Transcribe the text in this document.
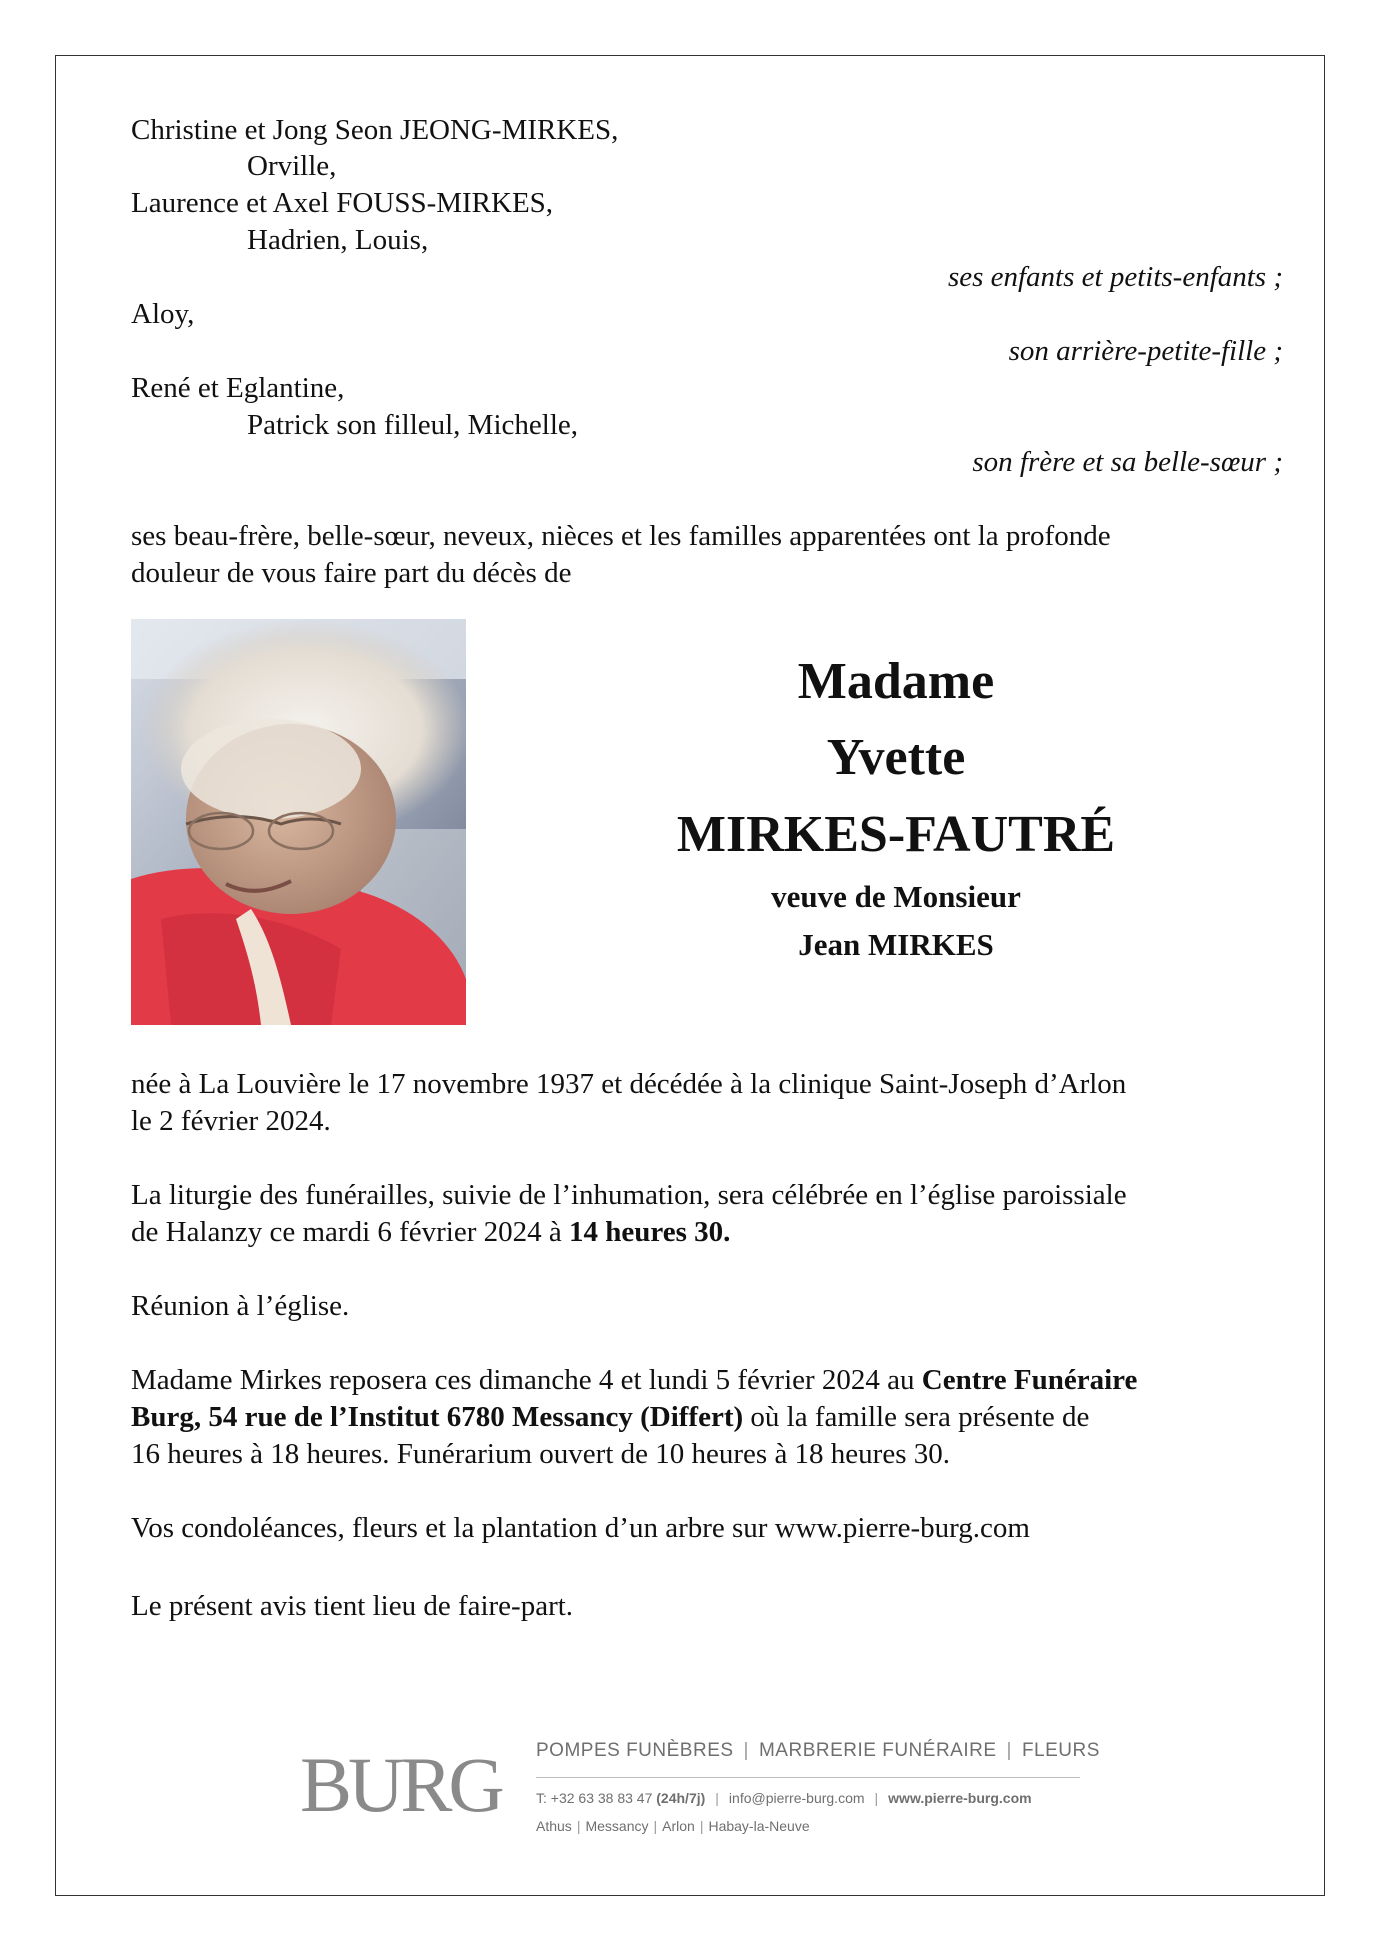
Christine et Jong Seon JEONG-MIRKES,
Orville,
Laurence et Axel FOUSS-MIRKES,
Hadrien, Louis,
ses enfants et petits-enfants ;
Aloy,
son arrière-petite-fille ;
René et Eglantine,
Patrick son filleul, Michelle,
son frère et sa belle-sœur ;
ses beau-frère, belle-sœur, neveux, nièces et les familles apparentées ont la profonde
douleur de vous faire part du décès de
Madame
Yvette
MIRKES-FAUTRÉ
veuve de Monsieur
Jean MIRKES
née à La Louvière le 17 novembre 1937 et décédée à la clinique Saint-Joseph d’Arlon
le 2 février 2024.
La liturgie des funérailles, suivie de l’inhumation, sera célébrée en l’église paroissiale
de Halanzy ce mardi 6 février 2024 à 14 heures 30.
Réunion à l’église.
Madame Mirkes reposera ces dimanche 4 et lundi 5 février 2024 au Centre Funéraire
Burg, 54 rue de l’Institut 6780 Messancy (Differt) où la famille sera présente de
16 heures à 18 heures. Funérarium ouvert de 10 heures à 18 heures 30.
Vos condoléances, fleurs et la plantation d’un arbre sur www.pierre-burg.com
Le présent avis tient lieu de faire-part.
BURG POMPES FUNÈBRES | MARBRERIE FUNÉRAIRE | FLEURS
T: +32 63 38 83 47 (24h/7j) | info@pierre-burg.com | www.pierre-burg.com
Athus | Messancy | Arlon | Habay-la-Neuve
